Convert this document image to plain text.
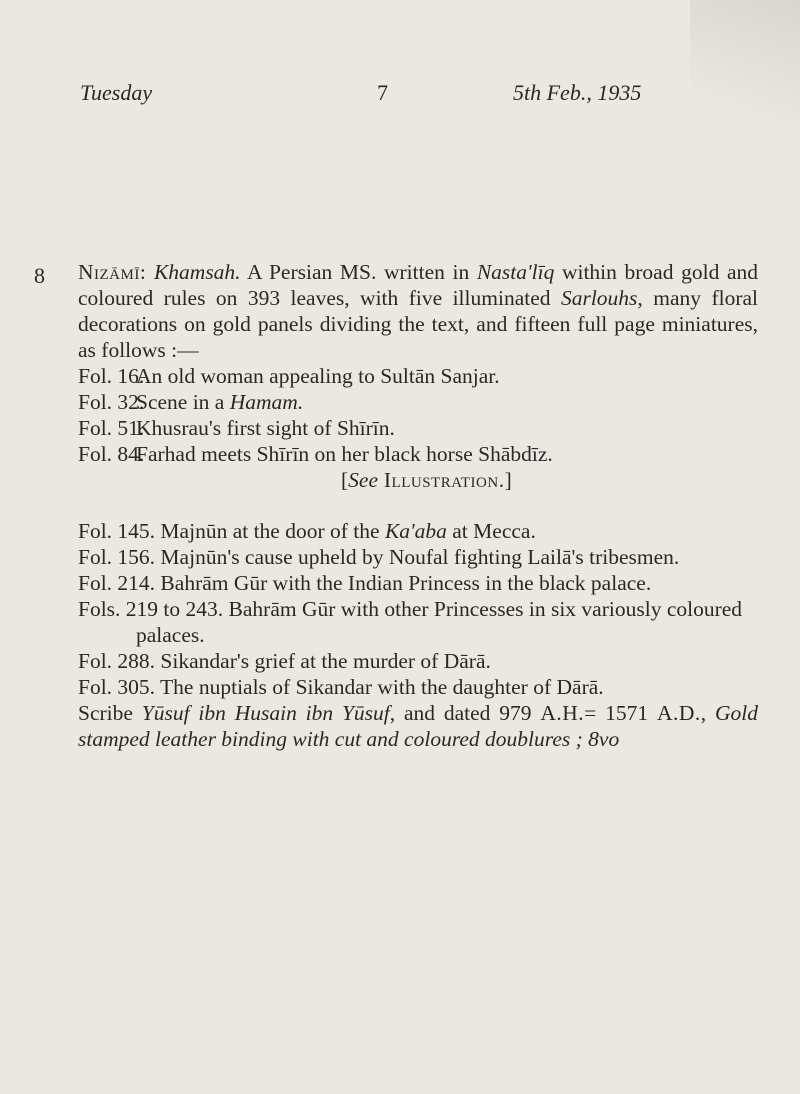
Tuesday	7	5th Feb., 1935
8 Nizāmī: Khamsah. A Persian MS. written in Nasta'līq within broad gold and coloured rules on 393 leaves, with five illuminated Sarlouhs, many floral decorations on gold panels dividing the text, and fifteen full page miniatures, as follows :—

Fol. 16.
An old woman appealing to Sultān Sanjar.

Fol. 32.
Scene in a Hamam.

Fol. 51.
Khusrau's first sight of Shīrīn.

Fol. 84.
Farhad meets Shīrīn on her black horse Shābdīz.

[See Illustration.]

Fol. 145. Majnūn at the door of the Ka'aba at Mecca.

Fol. 156. Majnūn's cause upheld by Noufal fighting Lailā's tribesmen.

Fol. 214. Bahrām Gūr with the Indian Princess in the black palace.

Fols. 219 to 243. Bahrām Gūr with other Princesses in six variously coloured palaces.

Fol. 288. Sikandar's grief at the murder of Dārā.

Fol. 305. The nuptials of Sikandar with the daughter of Dārā.

Scribe Yūsuf ibn Husain ibn Yūsuf, and dated 979 A.H.= 1571 A.D., Gold stamped leather binding with cut and coloured doublures ; 8vo
